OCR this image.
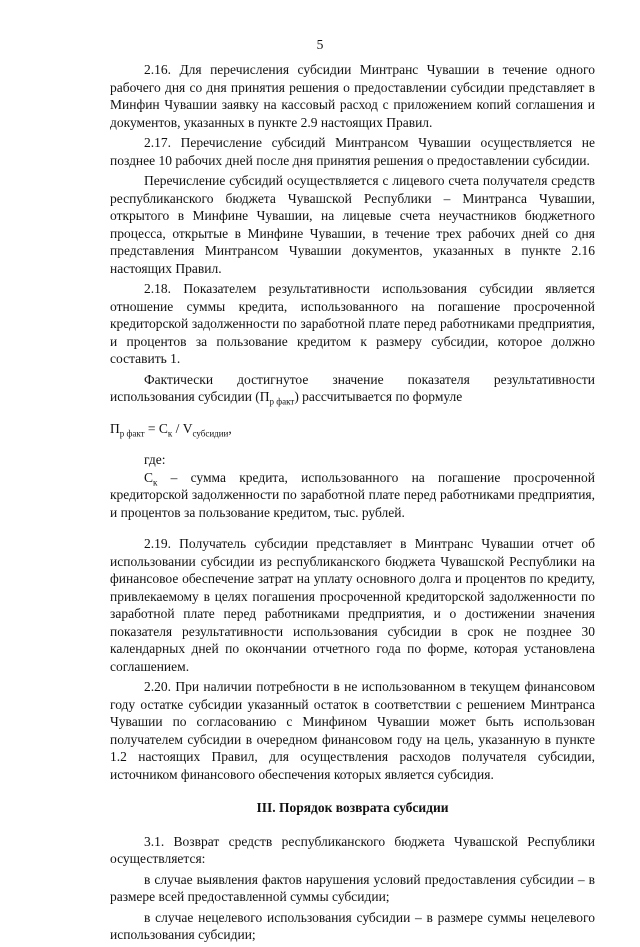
5

2.16. Для перечисления субсидии Минтранс Чувашии в течение одного рабочего дня со дня принятия решения о предоставлении субсидии представляет в Минфин Чувашии заявку на кассовый расход с приложением копий соглашения и документов, указанных в пункте 2.9 настоящих Правил.

2.17. Перечисление субсидий Минтрансом Чувашии осуществляется не позднее 10 рабочих дней после дня принятия решения о предоставлении субсидии.

Перечисление субсидий осуществляется с лицевого счета получателя средств республиканского бюджета Чувашской Республики – Минтранса Чувашии, открытого в Минфине Чувашии, на лицевые счета неучастников бюджетного процесса, открытые в Минфине Чувашии, в течение трех рабочих дней со дня представления Минтрансом Чувашии документов, указанных в пункте 2.16 настоящих Правил.

2.18. Показателем результативности использования субсидии является отношение суммы кредита, использованного на погашение просроченной кредиторской задолженности по заработной плате перед работниками предприятия, и процентов за пользование кредитом к размеру субсидии, которое должно составить 1.

Фактически достигнутое значение показателя результативности использования субсидии $(П_{р факт})$ рассчитывается по формуле

$П_{р факт} = С_к / V_{субсидии}$,

где:

$С_к$ – сумма кредита, использованного на погашение просроченной кредиторской задолженности по заработной плате перед работниками предприятия, и процентов за пользование кредитом, тыс. рублей.

2.19. Получатель субсидии представляет в Минтранс Чувашии отчет об использовании субсидии из республиканского бюджета Чувашской Республики на финансовое обеспечение затрат на уплату основного долга и процентов по кредиту, привлекаемому в целях погашения просроченной кредиторской задолженности по заработной плате перед работниками предприятия, и о достижении значения показателя результативности использования субсидии в срок не позднее 30 календарных дней по окончании отчетного года по форме, которая установлена соглашением.

2.20. При наличии потребности в не использованном в текущем финансовом году остатке субсидии указанный остаток в соответствии с решением Минтранса Чувашии по согласованию с Минфином Чувашии может быть использован получателем субсидии в очередном финансовом году на цель, указанную в пункте 1.2 настоящих Правил, для осуществления расходов получателя субсидии, источником финансового обеспечения которых является субсидия.

III. Порядок возврата субсидии

3.1. Возврат средств республиканского бюджета Чувашской Республики осуществляется:

в случае выявления фактов нарушения условий предоставления субсидии – в размере всей предоставленной суммы субсидии;

в случае нецелевого использования субсидии – в размере суммы нецелевого использования субсидии;
